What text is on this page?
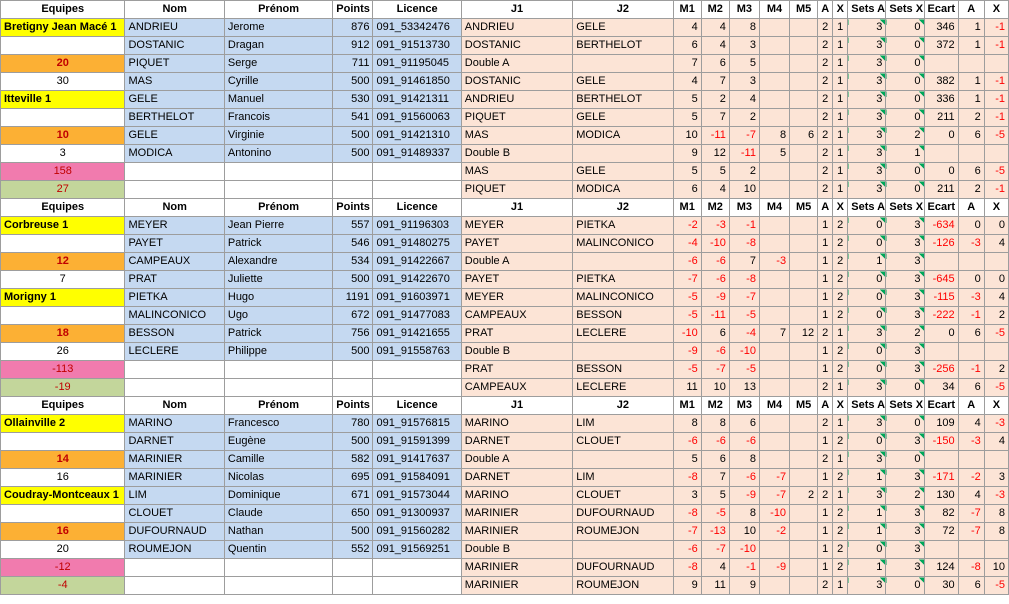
Equipes	Nom	Prénom	Points	Licence	J1	J2	M1	M2	M3	M4	M5	A	X	Sets A	Sets X	Ecart	A	X
Bretigny Jean Macé 1	ANDRIEU	Jerome	876	091_53342476	ANDRIEU	GELE	4	4	8			2	1	3	0	346	1	-1
	DOSTANIC	Dragan	912	091_91513730	DOSTANIC	BERTHELOT	6	4	3			2	1	3	0	372	1	-1
20	PIQUET	Serge	711	091_91195045	Double A		7	6	5			2	1	3	0			
30	MAS	Cyrille	500	091_91461850	DOSTANIC	GELE	4	7	3			2	1	3	0	382	1	-1
Itteville 1	GELE	Manuel	530	091_91421311	ANDRIEU	BERTHELOT	5	2	4			2	1	3	0	336	1	-1
	BERTHELOT	Francois	541	091_91560063	PIQUET	GELE	5	7	2			2	1	3	0	211	2	-1
10	GELE	Virginie	500	091_91421310	MAS	MODICA	10	-11	-7	8	6	2	1	3	2	0	6	-5
3	MODICA	Antonino	500	091_91489337	Double B		9	12	-11	5		2	1	3	1			
158					MAS	GELE	5	5	2			2	1	3	0	0	6	-5
27					PIQUET	MODICA	6	4	10			2	1	3	0	211	2	-1
Equipes	Nom	Prénom	Points	Licence	J1	J2	M1	M2	M3	M4	M5	A	X	Sets A	Sets X	Ecart	A	X
Corbreuse 1	MEYER	Jean Pierre	557	091_91196303	MEYER	PIETKA	-2	-3	-1			1	2	0	3	-634	0	0
	PAYET	Patrick	546	091_91480275	PAYET	MALINCONICO	-4	-10	-8			1	2	0	3	-126	-3	4
12	CAMPEAUX	Alexandre	534	091_91422667	Double A		-6	-6	7	-3		1	2	1	3			
7	PRAT	Juliette	500	091_91422670	PAYET	PIETKA	-7	-6	-8			1	2	0	3	-645	0	0
Morigny 1	PIETKA	Hugo	1191	091_91603971	MEYER	MALINCONICO	-5	-9	-7			1	2	0	3	-115	-3	4
	MALINCONICO	Ugo	672	091_91477083	CAMPEAUX	BESSON	-5	-11	-5			1	2	0	3	-222	-1	2
18	BESSON	Patrick	756	091_91421655	PRAT	LECLERE	-10	6	-4	7	12	2	1	3	2	0	6	-5
26	LECLERE	Philippe	500	091_91558763	Double B		-9	-6	-10			1	2	0	3			
-113					PRAT	BESSON	-5	-7	-5			1	2	0	3	-256	-1	2
-19					CAMPEAUX	LECLERE	11	10	13			2	1	3	0	34	6	-5
Equipes	Nom	Prénom	Points	Licence	J1	J2	M1	M2	M3	M4	M5	A	X	Sets A	Sets X	Ecart	A	X
Ollainville 2	MARINO	Francesco	780	091_91576815	MARINO	LIM	8	8	6			2	1	3	0	109	4	-3
	DARNET	Eugène	500	091_91591399	DARNET	CLOUET	-6	-6	-6			1	2	0	3	-150	-3	4
14	MARINIER	Camille	582	091_91417637	Double A		5	6	8			2	1	3	0			
16	MARINIER	Nicolas	695	091_91584091	DARNET	LIM	-8	7	-6	-7		1	2	1	3	-171	-2	3
Coudray-Montceaux 1	LIM	Dominique	671	091_91573044	MARINO	CLOUET	3	5	-9	-7	2	2	1	3	2	130	4	-3
	CLOUET	Claude	650	091_91300937	MARINIER	DUFOURNAUD	-8	-5	8	-10		1	2	1	3	82	-7	8
16	DUFOURNAUD	Nathan	500	091_91560282	MARINIER	ROUMEJON	-7	-13	10	-2		1	2	1	3	72	-7	8
20	ROUMEJON	Quentin	552	091_91569251	Double B		-6	-7	-10			1	2	0	3			
-12					MARINIER	DUFOURNAUD	-8	4	-1	-9		1	2	1	3	124	-8	10
-4					MARINIER	ROUMEJON	9	11	9			2	1	3	0	30	6	-5
